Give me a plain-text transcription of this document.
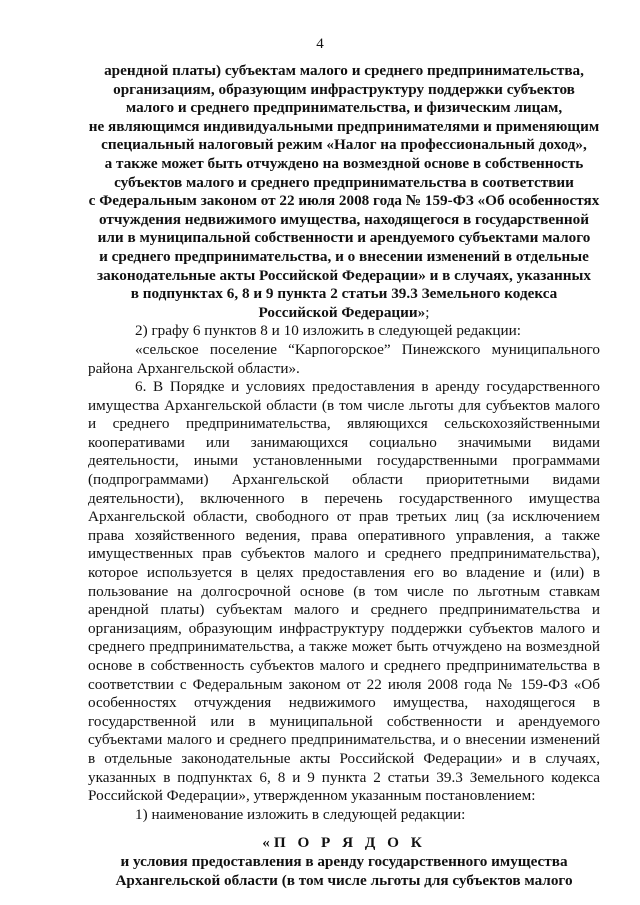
4

арендной платы) субъектам малого и среднего предпринимательства,

организациям, образующим инфраструктуру поддержки субъектов

малого и среднего предпринимательства, и физическим лицам,

не являющимся индивидуальными предпринимателями и применяющим

специальный налоговый режим «Налог на профессиональный доход»,

а также может быть отчуждено на возмездной основе в собственность

субъектов малого и среднего предпринимательства в соответствии

с Федеральным законом от 22 июля 2008 года № 159-ФЗ «Об особенностях

отчуждения недвижимого имущества, находящегося в государственной

или в муниципальной собственности и арендуемого субъектами малого

и среднего предпринимательства, и о внесении изменений в отдельные

законодательные акты Российской Федерации» и в случаях, указанных

в подпунктах 6, 8 и 9 пункта 2 статьи 39.3 Земельного кодекса

Российской Федерации»;

2) графу 6 пунктов 8 и 10 изложить в следующей редакции:

«сельское поселение “Карпогорское” Пинежского муниципального района Архангельской области».

6. В Порядке и условиях предоставления в аренду государственного имущества Архангельской области (в том числе льготы для субъектов малого и среднего предпринимательства, являющихся сельскохозяйственными кооперативами или занимающихся социально значимыми видами деятельности, иными установленными государственными программами (подпрограммами) Архангельской области приоритетными видами деятельности), включенного в перечень государственного имущества Архангельской области, свободного от прав третьих лиц (за исключением права хозяйственного ведения, права оперативного управления, а также имущественных прав субъектов малого и среднего предпринимательства), которое используется в целях предоставления его во владение и (или) в пользование на долгосрочной основе (в том числе по льготным ставкам арендной платы) субъектам малого и среднего предпринимательства и организациям, образующим инфраструктуру поддержки субъектов малого и среднего предпринимательства, а также может быть отчуждено на возмездной основе в собственность субъектов малого и среднего предпринимательства в соответствии с Федеральным законом от 22 июля 2008 года № 159-ФЗ «Об особенностях отчуждения недвижимого имущества, находящегося в государственной или в муниципальной собственности и арендуемого субъектами малого и среднего предпринимательства, и о внесении изменений в отдельные законодательные акты Российской Федерации» и в случаях, указанных в подпунктах 6, 8 и 9 пункта 2 статьи 39.3 Земельного кодекса Российской Федерации», утвержденном указанным постановлением:

1) наименование изложить в следующей редакции:

«П О Р Я Д О К

и условия предоставления в аренду государственного имущества

Архангельской области (в том числе льготы для субъектов малого
